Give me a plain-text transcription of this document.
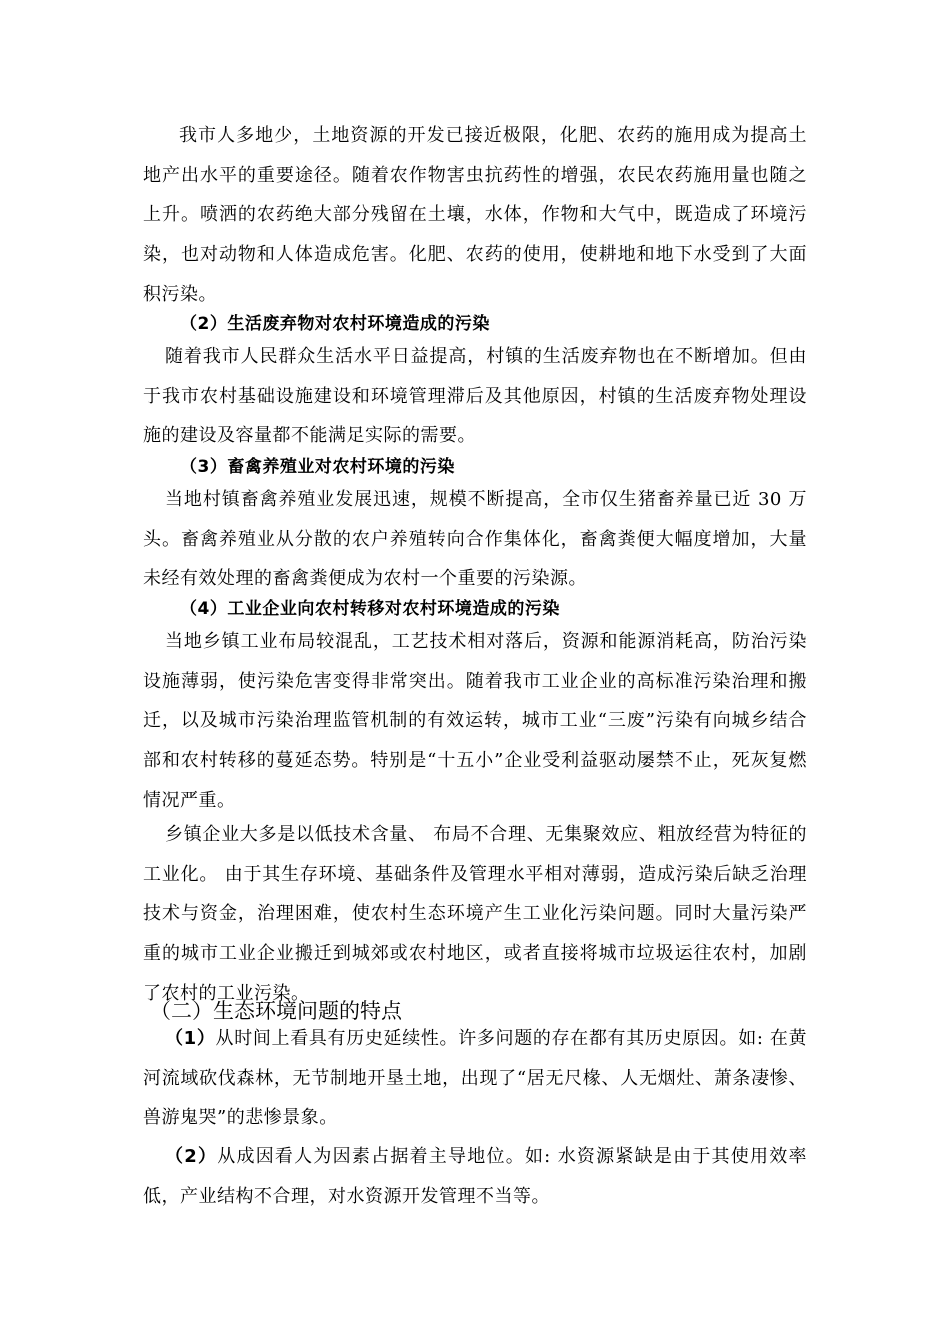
我市人多地少，土地资源的开发已接近极限，化肥、农药的施用成为提高土地产出水平的重要途径。随着农作物害虫抗药性的增强，农民农药施用量也随之上升。喷洒的农药绝大部分残留在土壤，水体，作物和大气中，既造成了环境污染，也对动物和人体造成危害。化肥、农药的使用，使耕地和地下水受到了大面积污染。

（2）生活废弃物对农村环境造成的污染

随着我市人民群众生活水平日益提高，村镇的生活废弃物也在不断增加。但由于我市农村基础设施建设和环境管理滞后及其他原因，村镇的生活废弃物处理设施的建设及容量都不能满足实际的需要。

（3）畜禽养殖业对农村环境的污染

当地村镇畜禽养殖业发展迅速，规模不断提高，全市仅生猪畜养量已近 30 万头。畜禽养殖业从分散的农户养殖转向合作集体化，畜禽粪便大幅度增加，大量未经有效处理的畜禽粪便成为农村一个重要的污染源。

（4）工业企业向农村转移对农村环境造成的污染

当地乡镇工业布局较混乱，工艺技术相对落后，资源和能源消耗高，防治污染设施薄弱，使污染危害变得非常突出。随着我市工业企业的高标准污染治理和搬迁，以及城市污染治理监管机制的有效运转，城市工业“三废”污染有向城乡结合部和农村转移的蔓延态势。特别是“十五小”企业受利益驱动屡禁不止，死灰复燃情况严重。

乡镇企业大多是以低技术含量、 布局不合理、无集聚效应、粗放经营为特征的工业化。 由于其生存环境、基础条件及管理水平相对薄弱，造成污染后缺乏治理技术与资金，治理困难，使农村生态环境产生工业化污染问题。同时大量污染严重的城市工业企业搬迁到城郊或农村地区，或者直接将城市垃圾运往农村，加剧了农村的工业污染。

（二）生态环境问题的特点

（1）从时间上看具有历史延续性。许多问题的存在都有其历史原因。如: 在黄河流域砍伐森林，无节制地开垦土地，出现了“居无尺椽、人无烟灶、萧条凄惨、兽游鬼哭”的悲惨景象。

（2）从成因看人为因素占据着主导地位。如: 水资源紧缺是由于其使用效率低，产业结构不合理，对水资源开发管理不当等。
